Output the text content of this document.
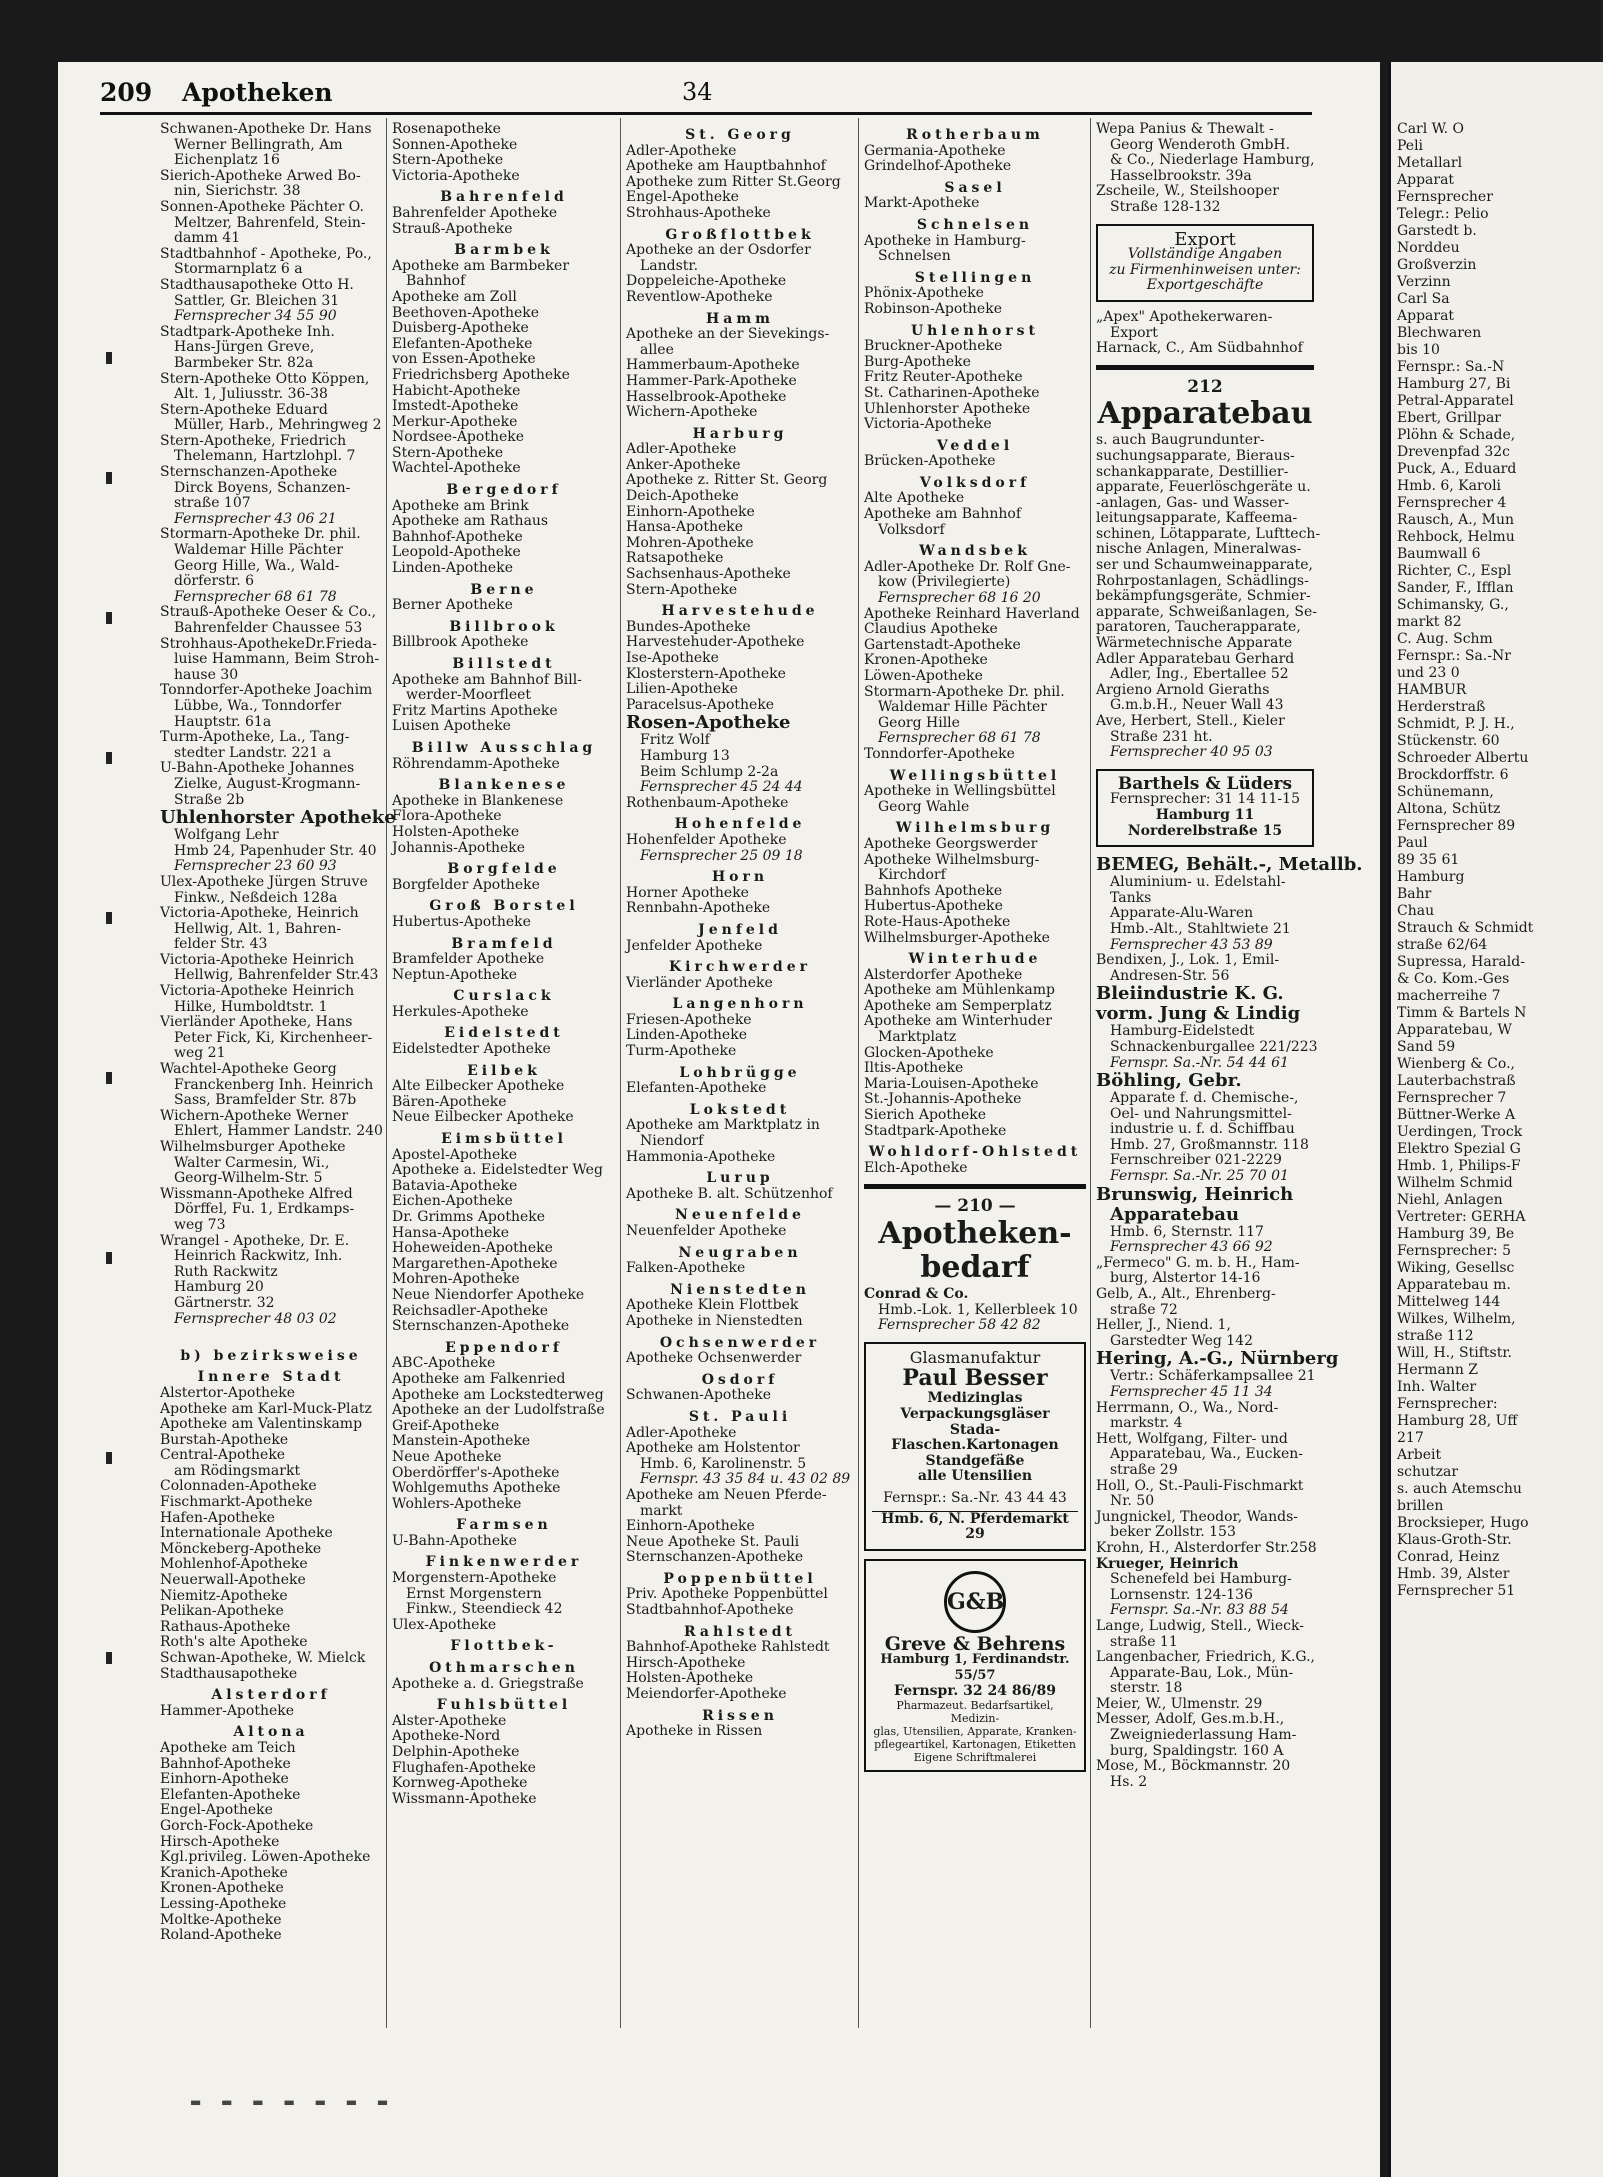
209 Apotheken	34
Schwanen-Apotheke Dr. Hans
Werner Bellingrath, Am
Eichenplatz 16
Sierich-Apotheke Arwed Bo-
nin, Sierichstr. 38
Sonnen-Apotheke Pächter O.
Meltzer, Bahrenfeld, Stein-
damm 41
Stadtbahnhof - Apotheke, Po.,
Stormarnplatz 6 a
Stadthausapotheke Otto H.
Sattler, Gr. Bleichen 31
Fernsprecher 34 55 90
Stadtpark-Apotheke Inh.
Hans-Jürgen Greve,
Barmbeker Str. 82a
Stern-Apotheke Otto Köppen,
Alt. 1, Juliusstr. 36-38
Stern-Apotheke Eduard
Müller, Harb., Mehringweg 2
Stern-Apotheke, Friedrich
Thelemann, Hartzlohpl. 7
Sternschanzen-Apotheke
Dirck Boyens, Schanzen-
straße 107
Fernsprecher 43 06 21
Stormarn-Apotheke Dr. phil.
Waldemar Hille Pächter
Georg Hille, Wa., Wald-
dörferstr. 6
Fernsprecher 68 61 78
Strauß-Apotheke Oeser & Co.,
Bahrenfelder Chaussee 53
Strohhaus-ApothekeDr.Frieda-
luise Hammann, Beim Stroh-
hause 30
Tonndorfer-Apotheke Joachim
Lübbe, Wa., Tonndorfer
Hauptstr. 61a
Turm-Apotheke, La., Tang-
stedter Landstr. 221 a
U-Bahn-Apotheke Johannes
Zielke, August-Krogmann-
Straße 2b
Uhlenhorster Apotheke
Wolfgang Lehr
Hmb 24, Papenhuder Str. 40
Fernsprecher 23 60 93
Ulex-Apotheke Jürgen Struve
Finkw., Neßdeich 128a
Victoria-Apotheke, Heinrich
Hellwig, Alt. 1, Bahren-
felder Str. 43
Victoria-Apotheke Heinrich
Hellwig, Bahrenfelder Str.43
Victoria-Apotheke Heinrich
Hilke, Humboldtstr. 1
Vierländer Apotheke, Hans
Peter Fick, Ki, Kirchenheer-
weg 21
Wachtel-Apotheke Georg
Franckenberg Inh. Heinrich
Sass, Bramfelder Str. 87b
Wichern-Apotheke Werner
Ehlert, Hammer Landstr. 240
Wilhelmsburger Apotheke
Walter Carmesin, Wi.,
Georg-Wilhelm-Str. 5
Wissmann-Apotheke Alfred
Dörffel, Fu. 1, Erdkamps-
weg 73
Wrangel - Apotheke, Dr. E.
Heinrich Rackwitz, Inh.
Ruth Rackwitz
Hamburg 20
Gärtnerstr. 32
Fernsprecher 48 03 02

b) bezirksweise
Innere Stadt
Alstertor-Apotheke
Apotheke am Karl-Muck-Platz
Apotheke am Valentinskamp
Burstah-Apotheke
Central-Apotheke
am Rödingsmarkt
Colonnaden-Apotheke
Fischmarkt-Apotheke
Hafen-Apotheke
Internationale Apotheke
Mönckeberg-Apotheke
Mohlenhof-Apotheke
Neuerwall-Apotheke
Niemitz-Apotheke
Pelikan-Apotheke
Rathaus-Apotheke
Roth's alte Apotheke
Schwan-Apotheke, W. Mielck
Stadthausapotheke
Alsterdorf
Hammer-Apotheke
Altona
Apotheke am Teich
Bahnhof-Apotheke
Einhorn-Apotheke
Elefanten-Apotheke
Engel-Apotheke
Gorch-Fock-Apotheke
Hirsch-Apotheke
Kgl.privileg. Löwen-Apotheke
Kranich-Apotheke
Kronen-Apotheke
Lessing-Apotheke
Moltke-Apotheke
Roland-Apotheke
Rosenapotheke
Sonnen-Apotheke
Stern-Apotheke
Victoria-Apotheke
Bahrenfeld
Bahrenfelder Apotheke
Strauß-Apotheke
Barmbek
Apotheke am Barmbeker
Bahnhof
Apotheke am Zoll
Beethoven-Apotheke
Duisberg-Apotheke
Elefanten-Apotheke
von Essen-Apotheke
Friedrichsberg Apotheke
Habicht-Apotheke
Imstedt-Apotheke
Merkur-Apotheke
Nordsee-Apotheke
Stern-Apotheke
Wachtel-Apotheke
Bergedorf
Apotheke am Brink
Apotheke am Rathaus
Bahnhof-Apotheke
Leopold-Apotheke
Linden-Apotheke
Berne
Berner Apotheke
Billbrook
Billbrook Apotheke
Billstedt
Apotheke am Bahnhof Bill-
werder-Moorfleet
Fritz Martins Apotheke
Luisen Apotheke
Billw Ausschlag
Röhrendamm-Apotheke
Blankenese
Apotheke in Blankenese
Flora-Apotheke
Holsten-Apotheke
Johannis-Apotheke
Borgfelde
Borgfelder Apotheke
Groß Borstel
Hubertus-Apotheke
Bramfeld
Bramfelder Apotheke
Neptun-Apotheke
Curslack
Herkules-Apotheke
Eidelstedt
Eidelstedter Apotheke
Eilbek
Alte Eilbecker Apotheke
Bären-Apotheke
Neue Eilbecker Apotheke
Eimsbüttel
Apostel-Apotheke
Apotheke a. Eidelstedter Weg
Batavia-Apotheke
Eichen-Apotheke
Dr. Grimms Apotheke
Hansa-Apotheke
Hoheweiden-Apotheke
Margarethen-Apotheke
Mohren-Apotheke
Neue Niendorfer Apotheke
Reichsadler-Apotheke
Sternschanzen-Apotheke
Eppendorf
ABC-Apotheke
Apotheke am Falkenried
Apotheke am Lockstedterweg
Apotheke an der Ludolfstraße
Greif-Apotheke
Manstein-Apotheke
Neue Apotheke
Oberdörffer's-Apotheke
Wohlgemuths Apotheke
Wohlers-Apotheke
Farmsen
U-Bahn-Apotheke
Finkenwerder
Morgenstern-Apotheke
Ernst Morgenstern
Finkw., Steendieck 42
Ulex-Apotheke
Flottbek-
Othmarschen
Apotheke a. d. Griegstraße
Fuhlsbüttel
Alster-Apotheke
Apotheke-Nord
Delphin-Apotheke
Flughafen-Apotheke
Kornweg-Apotheke
Wissmann-Apotheke
St. Georg
Adler-Apotheke
Apotheke am Hauptbahnhof
Apotheke zum Ritter St.Georg
Engel-Apotheke
Strohhaus-Apotheke
Großflottbek
Apotheke an der Osdorfer
Landstr.
Doppeleiche-Apotheke
Reventlow-Apotheke
Hamm
Apotheke an der Sievekings-
allee
Hammerbaum-Apotheke
Hammer-Park-Apotheke
Hasselbrook-Apotheke
Wichern-Apotheke
Harburg
Adler-Apotheke
Anker-Apotheke
Apotheke z. Ritter St. Georg
Deich-Apotheke
Einhorn-Apotheke
Hansa-Apotheke
Mohren-Apotheke
Ratsapotheke
Sachsenhaus-Apotheke
Stern-Apotheke
Harvestehude
Bundes-Apotheke
Harvestehuder-Apotheke
Ise-Apotheke
Klosterstern-Apotheke
Lilien-Apotheke
Paracelsus-Apotheke
Rosen-Apotheke
Fritz Wolf
Hamburg 13
Beim Schlump 2-2a
Fernsprecher 45 24 44
Rothenbaum-Apotheke
Hohenfelde
Hohenfelder Apotheke
Fernsprecher 25 09 18
Horn
Horner Apotheke
Rennbahn-Apotheke
Jenfeld
Jenfelder Apotheke
Kirchwerder
Vierländer Apotheke
Langenhorn
Friesen-Apotheke
Linden-Apotheke
Turm-Apotheke
Lohbrügge
Elefanten-Apotheke
Lokstedt
Apotheke am Marktplatz in
Niendorf
Hammonia-Apotheke
Lurup
Apotheke B. alt. Schützenhof
Neuenfelde
Neuenfelder Apotheke
Neugraben
Falken-Apotheke
Nienstedten
Apotheke Klein Flottbek
Apotheke in Nienstedten
Ochsenwerder
Apotheke Ochsenwerder
Osdorf
Schwanen-Apotheke
St. Pauli
Adler-Apotheke
Apotheke am Holstentor
Hmb. 6, Karolinenstr. 5
Fernspr. 43 35 84 u. 43 02 89
Apotheke am Neuen Pferde-
markt
Einhorn-Apotheke
Neue Apotheke St. Pauli
Sternschanzen-Apotheke
Poppenbüttel
Priv. Apotheke Poppenbüttel
Stadtbahnhof-Apotheke
Rahlstedt
Bahnhof-Apotheke Rahlstedt
Hirsch-Apotheke
Holsten-Apotheke
Meiendorfer-Apotheke
Rissen
Apotheke in Rissen
Rotherbaum
Germania-Apotheke
Grindelhof-Apotheke
Sasel
Markt-Apotheke
Schnelsen
Apotheke in Hamburg-
Schnelsen
Stellingen
Phönix-Apotheke
Robinson-Apotheke
Uhlenhorst
Bruckner-Apotheke
Burg-Apotheke
Fritz Reuter-Apotheke
St. Catharinen-Apotheke
Uhlenhorster Apotheke
Victoria-Apotheke
Veddel
Brücken-Apotheke
Volksdorf
Alte Apotheke
Apotheke am Bahnhof
Volksdorf
Wandsbek
Adler-Apotheke Dr. Rolf Gne-
kow (Privilegierte)
Fernsprecher 68 16 20
Apotheke Reinhard Haverland
Claudius Apotheke
Gartenstadt-Apotheke
Kronen-Apotheke
Löwen-Apotheke
Stormarn-Apotheke Dr. phil.
Waldemar Hille Pächter
Georg Hille
Fernsprecher 68 61 78
Tonndorfer-Apotheke
Wellingsbüttel
Apotheke in Wellingsbüttel
Georg Wahle
Wilhelmsburg
Apotheke Georgswerder
Apotheke Wilhelmsburg-
Kirchdorf
Bahnhofs Apotheke
Hubertus-Apotheke
Rote-Haus-Apotheke
Wilhelmsburger-Apotheke
Winterhude
Alsterdorfer Apotheke
Apotheke am Mühlenkamp
Apotheke am Semperplatz
Apotheke am Winterhuder
Marktplatz
Glocken-Apotheke
Iltis-Apotheke
Maria-Louisen-Apotheke
St.-Johannis-Apotheke
Sierich Apotheke
Stadtpark-Apotheke
Wohldorf-Ohlstedt
Elch-Apotheke
— 210 —
Apotheken-
bedarf
Conrad & Co.
Hmb.-Lok. 1, Kellerbleek 10
Fernsprecher 58 42 82
Glasmanufaktur
Paul Besser
Medizinglas
Verpackungsgläser
Stada-Flaschen.Kartonagen
Standgefäße
alle Utensilien
Fernspr.: Sa.-Nr. 43 44 43
Hmb. 6, N. Pferdemarkt 29
G&B
Greve & Behrens
Hamburg 1, Ferdinandstr. 55/57
Fernspr. 32 24 86/89
Pharmazeut. Bedarfsartikel, Medizin-
glas, Utensilien, Apparate, Kranken-
pflegeartikel, Kartonagen, Etiketten
Eigene Schriftmalerei
Wepa Panius & Thewalt -
Georg Wenderoth GmbH.
& Co., Niederlage Hamburg,
Hasselbrookstr. 39a
Zscheile, W., Steilshooper
Straße 128-132
Export
Vollständige Angaben
zu Firmenhinweisen unter:
Exportgeschäfte
„Apex" Apothekerwaren-
Export
Harnack, C., Am Südbahnhof
212
Apparatebau
s. auch Baugrundunter-
suchungsapparate, Bieraus-
schankapparate, Destillier-
apparate, Feuerlöschgeräte u.
-anlagen, Gas- und Wasser-
leitungsapparate, Kaffeema-
schinen, Lötapparate, Lufttech-
nische Anlagen, Mineralwas-
ser und Schaumweinapparate,
Rohrpostanlagen, Schädlings-
bekämpfungsgeräte, Schmier-
apparate, Schweißanlagen, Se-
paratoren, Taucherapparate,
Wärmetechnische Apparate
Adler Apparatebau Gerhard
Adler, Ing., Ebertallee 52
Argieno Arnold Gieraths
G.m.b.H., Neuer Wall 43
Ave, Herbert, Stell., Kieler
Straße 231 ht.
Fernsprecher 40 95 03
Barthels & Lüders
Fernsprecher: 31 14 11-15
Hamburg 11
Norderelbstraße 15
BEMEG, Behält.-, Metallb.
Aluminium- u. Edelstahl-
Tanks
Apparate-Alu-Waren
Hmb.-Alt., Stahltwiete 21
Fernsprecher 43 53 89
Bendixen, J., Lok. 1, Emil-
Andresen-Str. 56
Bleiindustrie K. G.
vorm. Jung & Lindig
Hamburg-Eidelstedt
Schnackenburgallee 221/223
Fernspr. Sa.-Nr. 54 44 61
Böhling, Gebr.
Apparate f. d. Chemische-,
Oel- und Nahrungsmittel-
industrie u. f. d. Schiffbau
Hmb. 27, Großmannstr. 118
Fernschreiber 021-2229
Fernspr. Sa.-Nr. 25 70 01
Brunswig, Heinrich
Apparatebau
Hmb. 6, Sternstr. 117
Fernsprecher 43 66 92
„Fermeco" G. m. b. H., Ham-
burg, Alstertor 14-16
Gelb, A., Alt., Ehrenberg-
straße 72
Heller, J., Niend. 1,
Garstedter Weg 142
Hering, A.-G., Nürnberg
Vertr.: Schäferkampsallee 21
Fernsprecher 45 11 34
Herrmann, O., Wa., Nord-
markstr. 4
Hett, Wolfgang, Filter- und
Apparatebau, Wa., Eucken-
straße 29
Holl, O., St.-Pauli-Fischmarkt
Nr. 50
Jungnickel, Theodor, Wands-
beker Zollstr. 153
Krohn, H., Alsterdorfer Str.258
Krueger, Heinrich
Schenefeld bei Hamburg-
Lornsenstr. 124-136
Fernspr. Sa.-Nr. 83 88 54
Lange, Ludwig, Stell., Wieck-
straße 11
Langenbacher, Friedrich, K.G.,
Apparate-Bau, Lok., Mün-
sterstr. 18
Meier, W., Ulmenstr. 29
Messer, Adolf, Ges.m.b.H.,
Zweigniederlassung Ham-
burg, Spaldingstr. 160 A
Mose, M., Böckmannstr. 20
Hs. 2
Carl W. O
Peli
Metallarl
Apparat
Fernsprecher
Telegr.: Pelio
Garstedt b.
Norddeu
Großverzin
Verzinn
Carl Sa
Apparat
Blechwaren
bis 10
Fernspr.: Sa.-N
Hamburg 27, Bi
Petral-Apparatel
Ebert, Grillpar
Plöhn & Schade,
Drevenpfad 32c
Puck, A., Eduard
Hmb. 6, Karoli
Fernsprecher 4
Rausch, A., Mun
Rehbock, Helmu
Baumwall 6
Richter, C., Espl
Sander, F., Ifflan
Schimansky, G.,
markt 82
C. Aug. Schm
Fernspr.: Sa.-Nr
und 23 0
HAMBUR
Herderstraß
Schmidt, P. J. H.,
Stückenstr. 60
Schroeder Albertu
Brockdorffstr. 6
Schünemann,
Altona, Schütz
Fernsprecher 89
Paul
89 35 61
Hamburg
Bahr
Chau
Strauch & Schmidt
straße 62/64
Supressa, Harald-
& Co. Kom.-Ges
macherreihe 7
Timm & Bartels N
Apparatebau, W
Sand 59
Wienberg & Co.,
Lauterbachstraß
Fernsprecher 7
Büttner-Werke A
Uerdingen, Trock
Elektro Spezial G
Hmb. 1, Philips-F
Wilhelm Schmid
Niehl, Anlagen
Vertreter: GERHA
Hamburg 39, Be
Fernsprecher: 5
Wiking, Gesellsc
Apparatebau m.
Mittelweg 144
Wilkes, Wilhelm,
straße 112
Will, H., Stiftstr.
Hermann Z
Inh. Walter
Fernsprecher:
Hamburg 28, Uff
217
Arbeit
schutzar
s. auch Atemschu
brillen
Brocksieper, Hugo
Klaus-Groth-Str.
Conrad, Heinz
Hmb. 39, Alster
Fernsprecher 51
▬ ▬ ▬ ▬ ▬ ▬ ▬
